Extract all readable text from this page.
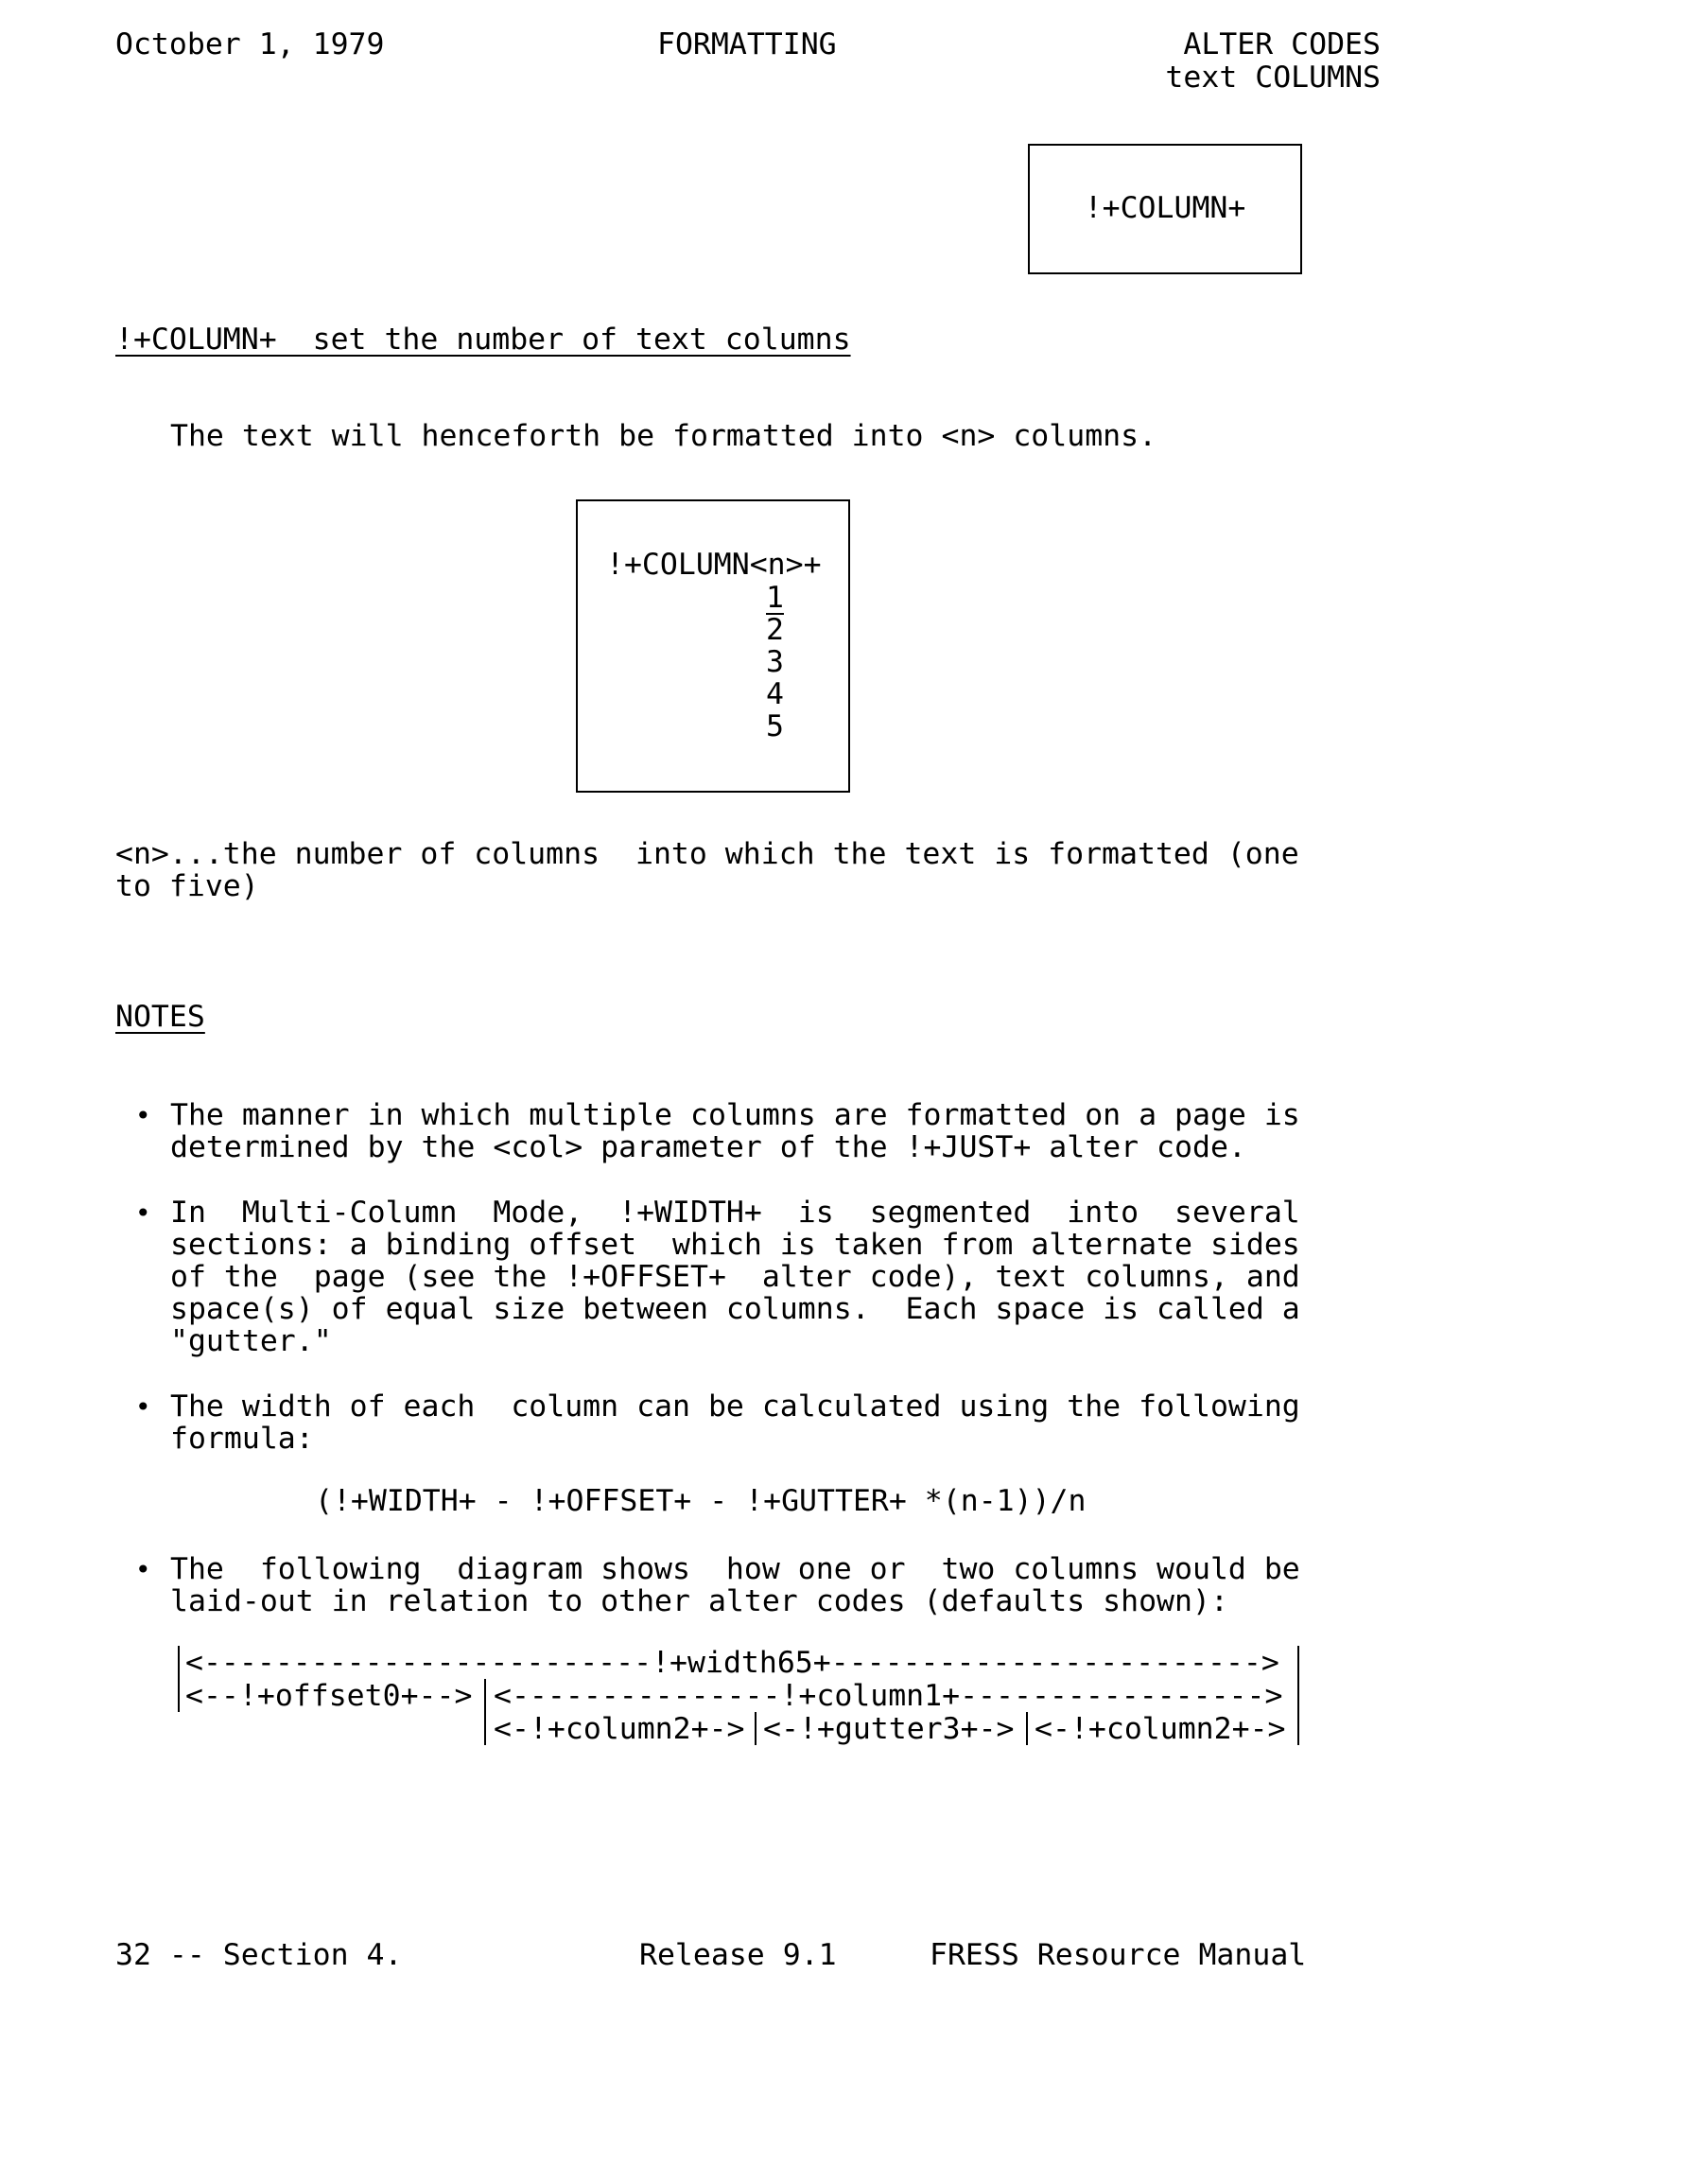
October 1, 1979	FORMATTING	ALTER CODES
text COLUMNS
!+COLUMN+
!+COLUMN+  set the number of text columns
The text will henceforth be formatted into <n> columns.
!+COLUMN<n>+
1
2
3
4
5
<n>...the number of columns  into which the text is formatted (one
to five)
NOTES
• The manner in which multiple columns are formatted on a page is
determined by the <col> parameter of the !+JUST+ alter code.
• In  Multi-Column  Mode,  !+WIDTH+  is  segmented  into  several
sections: a binding offset  which is taken from alternate sides
of the  page (see the !+OFFSET+  alter code), text columns, and
space(s) of equal size between columns.  Each space is called a
"gutter."
• The width of each  column can be calculated using the following
formula:
(!+WIDTH+ - !+OFFSET+ - !+GUTTER+ *(n-1))/n
• The  following  diagram shows  how one or  two columns would be
laid-out in relation to other alter codes (defaults shown):
<-------------------------!+width65+------------------------>
<--!+offset0+--> <---------------!+column1+----------------->
<-!+column2+-> <-!+gutter3+-> <-!+column2+->
32 -- Section 4.	Release 9.1	FRESS Resource Manual
